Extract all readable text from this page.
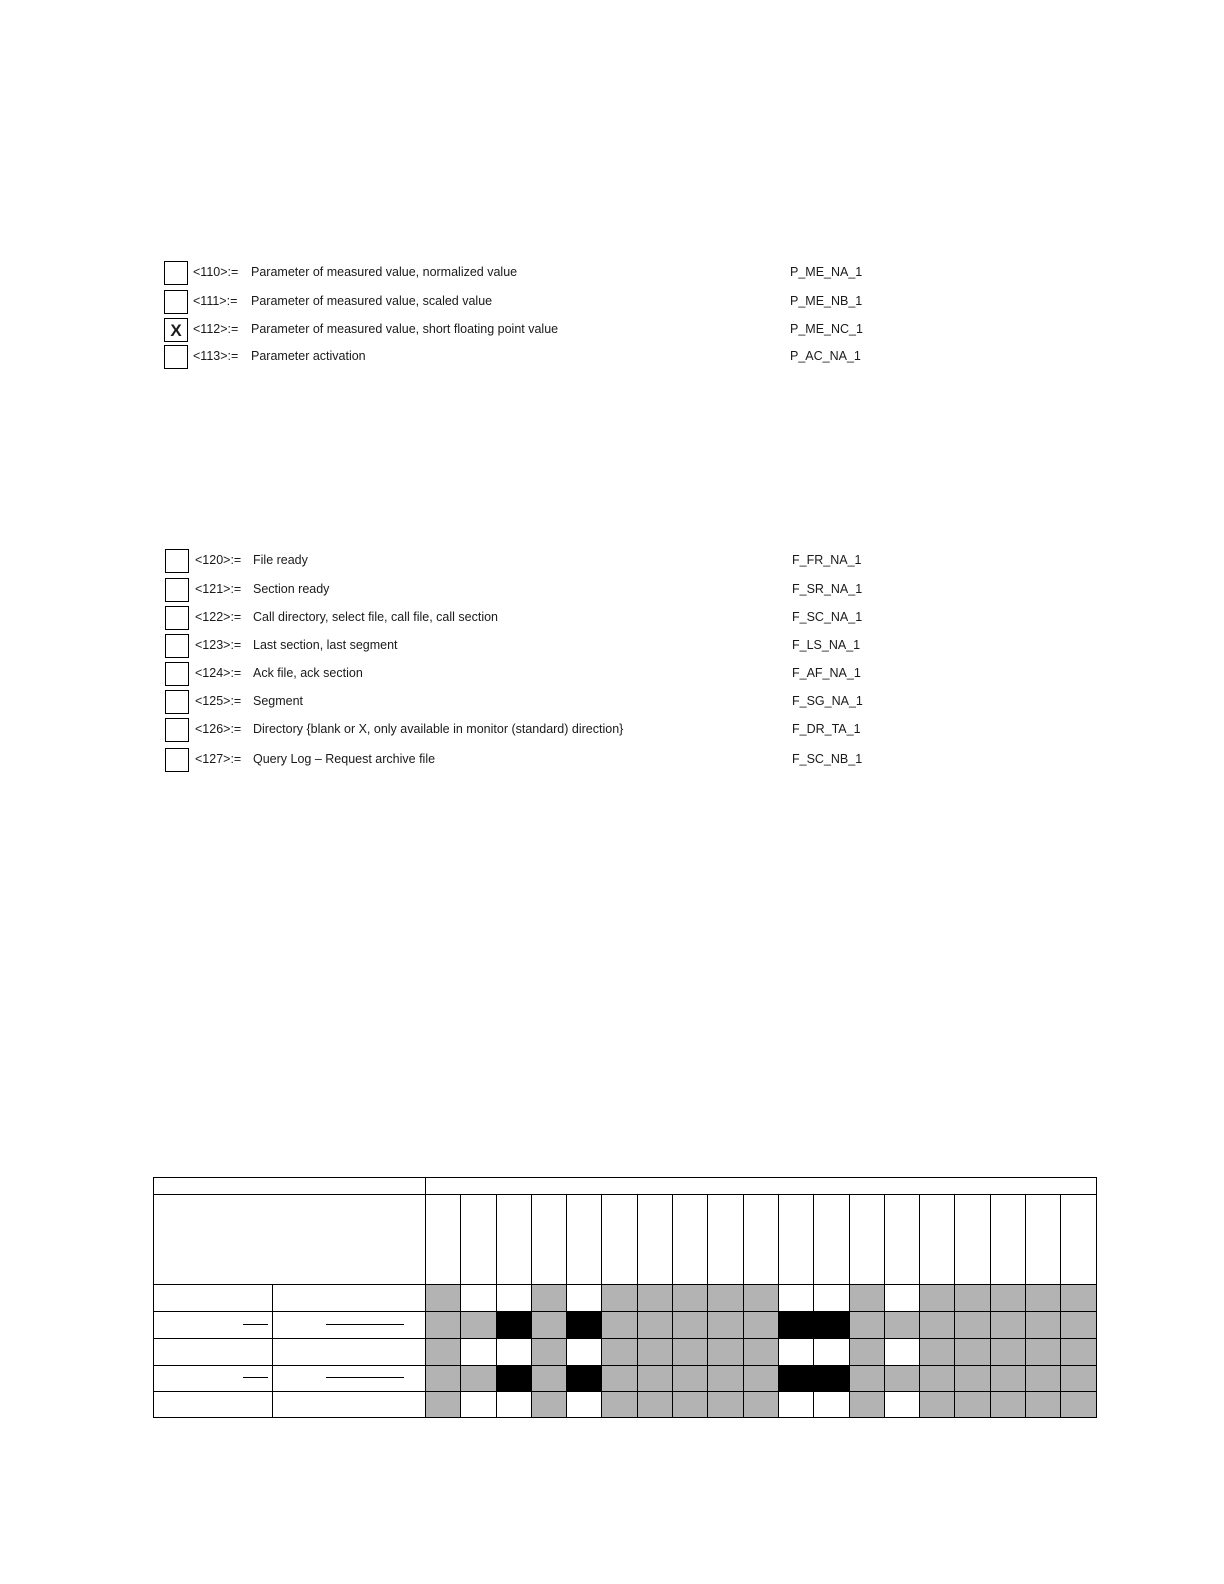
<110>:= Parameter of measured value, normalized value	P_ME_NA_1
<111>:= Parameter of measured value, scaled value	P_ME_NB_1
X <112>:= Parameter of measured value, short floating point value	P_ME_NC_1
<113>:= Parameter activation	P_AC_NA_1
<120>:= File ready	F_FR_NA_1
<121>:= Section ready	F_SR_NA_1
<122>:= Call directory, select file, call file, call section	F_SC_NA_1
<123>:= Last section, last segment	F_LS_NA_1
<124>:= Ack file, ack section	F_AF_NA_1
<125>:= Segment	F_SG_NA_1
<126>:= Directory {blank or X, only available in monitor (standard) direction}	F_DR_TA_1
<127>:= Query Log – Request archive file	F_SC_NB_1
